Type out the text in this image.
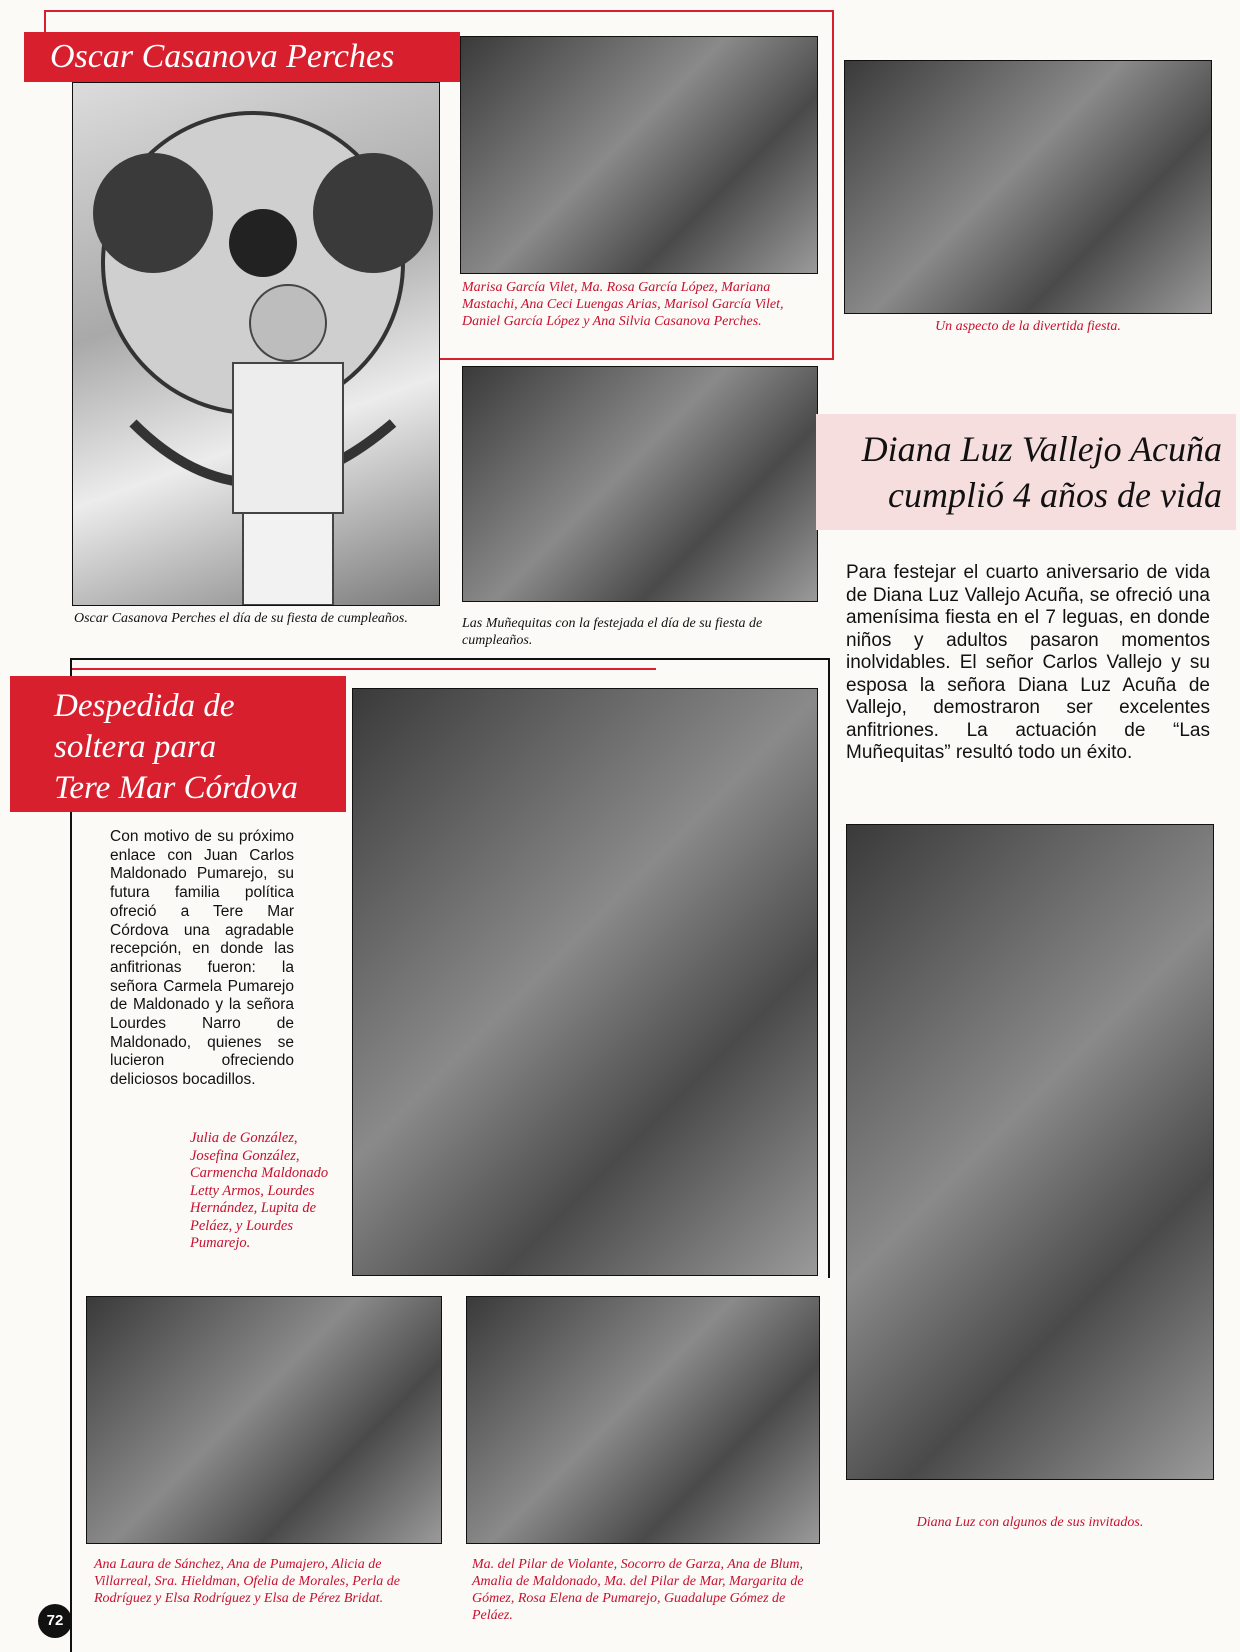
Oscar Casanova Perches

Oscar Casanova Perches el día de su fiesta de cumpleaños.

Marisa García Vilet, Ma. Rosa García López, Mariana Mastachi, Ana Ceci Luengas Arias, Marisol García Vilet, Daniel García López y Ana Silvia Casanova Perches.

Las Muñequitas con la festejada el día de su fiesta de cumpleaños.

Un aspecto de la divertida fiesta.

Diana Luz Vallejo Acuña
cumplió 4 años de vida

Para festejar el cuarto aniversario de vida de Diana Luz Vallejo Acuña, se ofreció una amenísima fiesta en el 7 leguas, en donde niños y adultos pasaron momentos inolvidables. El señor Carlos Vallejo y su esposa la señora Diana Luz Acuña de Vallejo, demostraron ser excelentes anfitriones. La actuación de “Las Muñequitas” resultó todo un éxito.

Diana Luz con algunos de sus invitados.

Despedida de
soltera para
Tere Mar Córdova

Con motivo de su próximo enlace con Juan Carlos Maldonado Pumarejo, su futura familia política ofreció a Tere Mar Córdova una agradable recepción, en donde las anfitrionas fueron: la señora Carmela Pumarejo de Maldonado y la señora Lourdes Narro de Maldonado, quienes se lucieron ofreciendo deliciosos bocadillos.

Julia de González, Josefina González, Carmencha Maldonado Letty Armos, Lourdes Hernández, Lupita de Peláez, y Lourdes Pumarejo.

Ana Laura de Sánchez, Ana de Pumajero, Alicia de Villarreal, Sra. Hieldman, Ofelia de Morales, Perla de Rodríguez y Elsa Rodríguez y Elsa de Pérez Bridat.

Ma. del Pilar de Violante, Socorro de Garza, Ana de Blum, Amalia de Maldonado, Ma. del Pilar de Mar, Margarita de Gómez, Rosa Elena de Pumarejo, Guadalupe Gómez de Peláez.

72
